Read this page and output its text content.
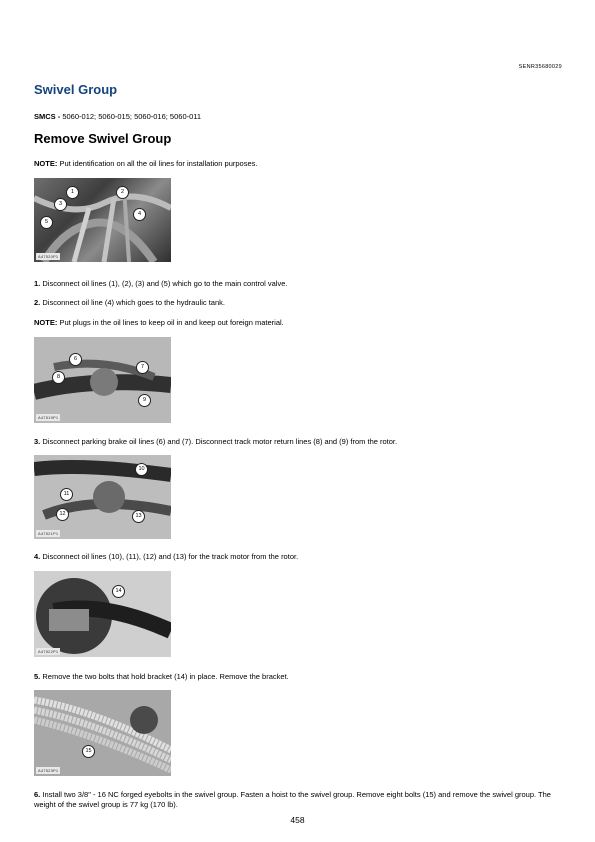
SENR35680029
Swivel Group
SMCS - 5060-012; 5060-015; 5060-016; 5060-011
Remove Swivel Group
NOTE: Put identification on all the oil lines for installation purposes.
1	2
3
4
5
A47520P1
1. Disconnect oil lines (1), (2), (3) and (5) which go to the main control valve.
2. Disconnect oil line (4) which goes to the hydraulic tank.
NOTE: Put plugs in the oil lines to keep oil in and keep out foreign material.
6
7
8
9
A47519P1
3. Disconnect parking brake oil lines (6) and (7). Disconnect track motor return lines (8) and (9) from the rotor.
10
11
12	13
A47521P1
4. Disconnect oil lines (10), (11), (12) and (13) for the track motor from the rotor.
14
A47522P1
5. Remove the two bolts that hold bracket (14) in place. Remove the bracket.
15
A47523P1
6. Install two 3/8" - 16 NC forged eyebolts in the swivel group. Fasten a hoist to the swivel group. Remove eight bolts (15) and remove the swivel group. The weight of the swivel group is 77 kg (170 lb).
458
